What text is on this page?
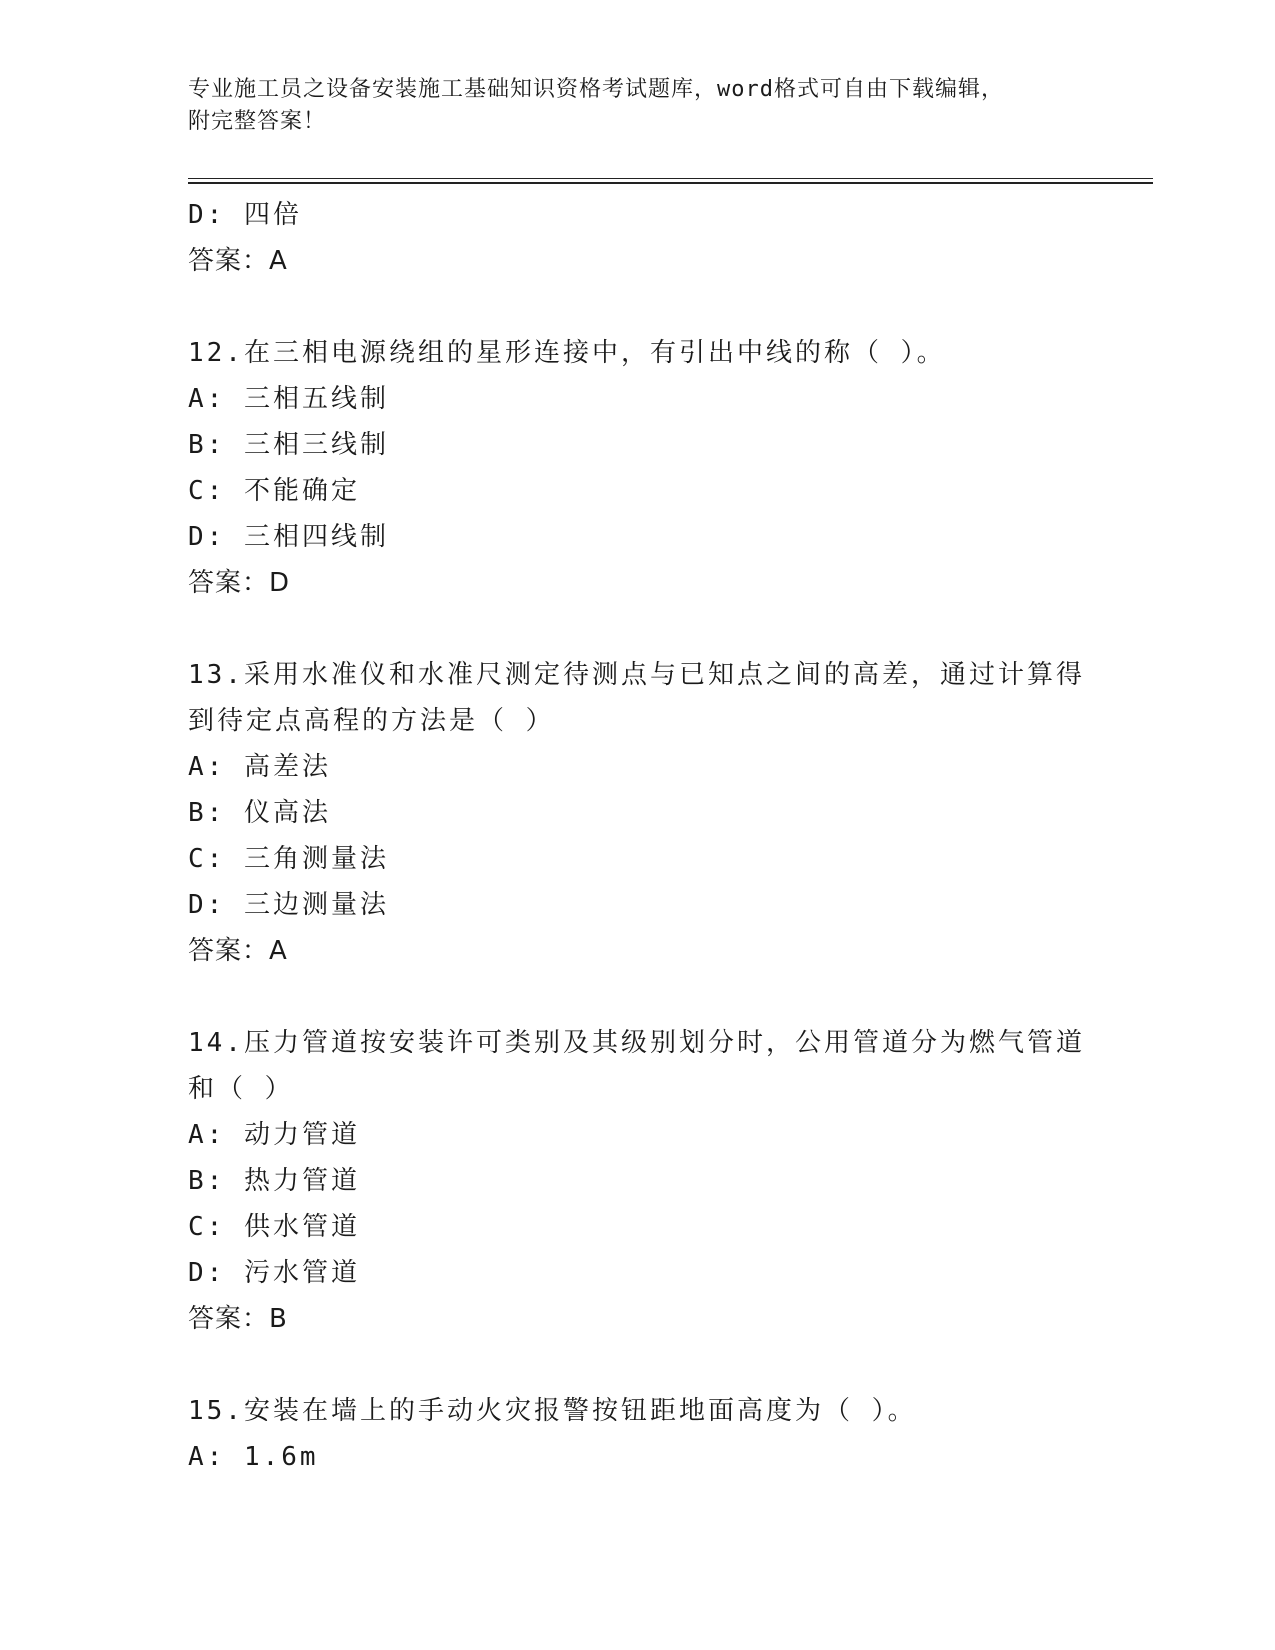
专业施工员之设备安装施工基础知识资格考试题库，word格式可自由下载编辑，
附完整答案！
D: 四倍
答案：A
12.在三相电源绕组的星形连接中，有引出中线的称（ ）。
A: 三相五线制
B: 三相三线制
C: 不能确定
D: 三相四线制
答案：D
13.采用水准仪和水准尺测定待测点与已知点之间的高差，通过计算得
到待定点高程的方法是（ ）
A: 高差法
B: 仪高法
C: 三角测量法
D: 三边测量法
答案：A
14.压力管道按安装许可类别及其级别划分时，公用管道分为燃气管道
和（ ）
A: 动力管道
B: 热力管道
C: 供水管道
D: 污水管道
答案：B
15.安装在墙上的手动火灾报警按钮距地面高度为（ ）。
A: 1.6m
